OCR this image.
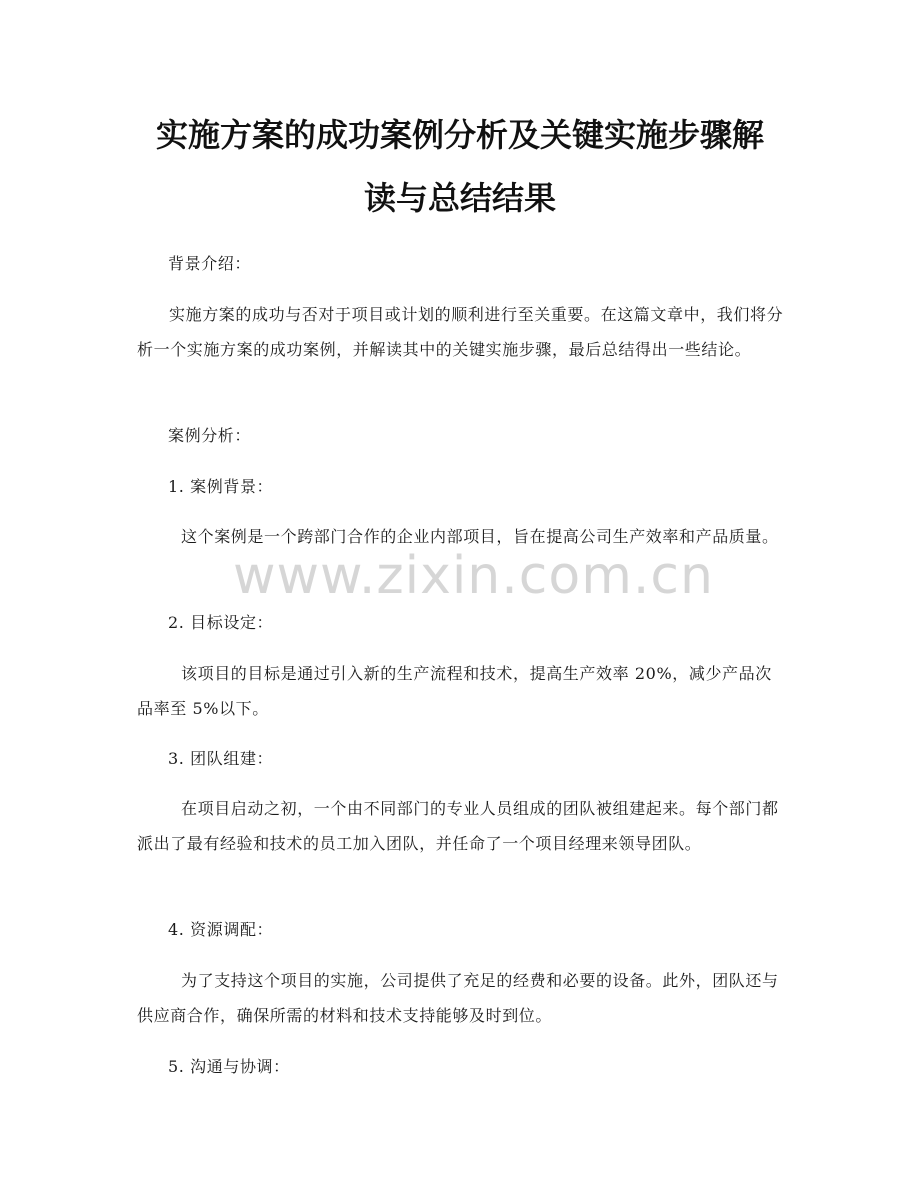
实施方案的成功案例分析及关键实施步骤解
读与总结结果
背景介绍：
实施方案的成功与否对于项目或计划的顺利进行至关重要。在这篇文章中，我们将分析一个实施方案的成功案例，并解读其中的关键实施步骤，最后总结得出一些结论。
案例分析：
1. 案例背景：
这个案例是一个跨部门合作的企业内部项目，旨在提高公司生产效率和产品质量。
2. 目标设定：
该项目的目标是通过引入新的生产流程和技术，提高生产效率 20%，减少产品次品率至 5%以下。
3. 团队组建：
在项目启动之初，一个由不同部门的专业人员组成的团队被组建起来。每个部门都派出了最有经验和技术的员工加入团队，并任命了一个项目经理来领导团队。
4. 资源调配：
为了支持这个项目的实施，公司提供了充足的经费和必要的设备。此外，团队还与供应商合作，确保所需的材料和技术支持能够及时到位。
5. 沟通与协调：
www.zixin.com.cn
